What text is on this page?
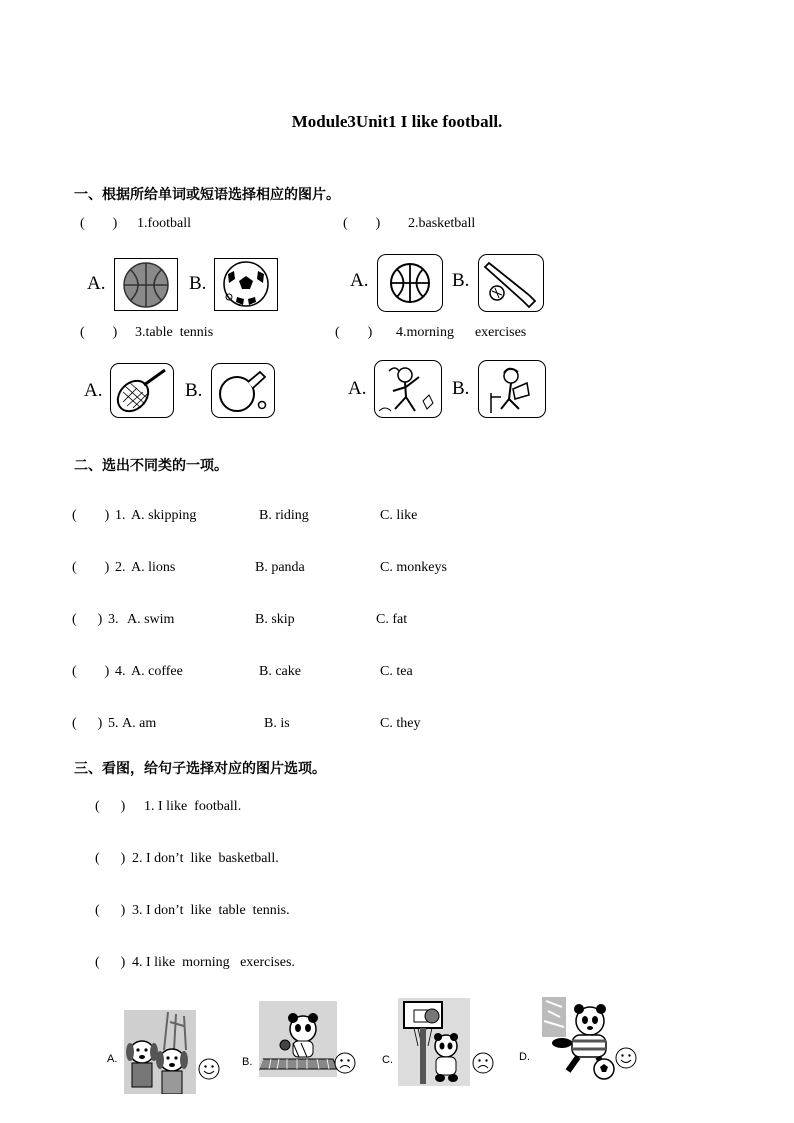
Module3Unit1 I like football.
一、根据所给单词或短语选择相应的图片。
(        ) 1.football
A.	B.
(        ) 2.basketball
A.	B.
(        ) 3.table  tennis
A.	B.
(        ) 4.morning      exercises
A.	B.
二、选出不同类的一项。
(        ) 1. A. skipping	B. riding	C. like
(        ) 2. A. lions	B. panda	C. monkeys
(      ) 3. A. swim	B. skip	C. fat
(        ) 4. A. coffee	B. cake	C. tea
(      ) 5. A. am	B. is	C. they
三、看图，给句子选择对应的图片选项。
(      ) 1. I like  football.
(      ) 2. I don’t  like  basketball.
(      ) 3. I don’t  like  table  tennis.
(      ) 4. I like  morning   exercises.
A.	B.	C.	D.
